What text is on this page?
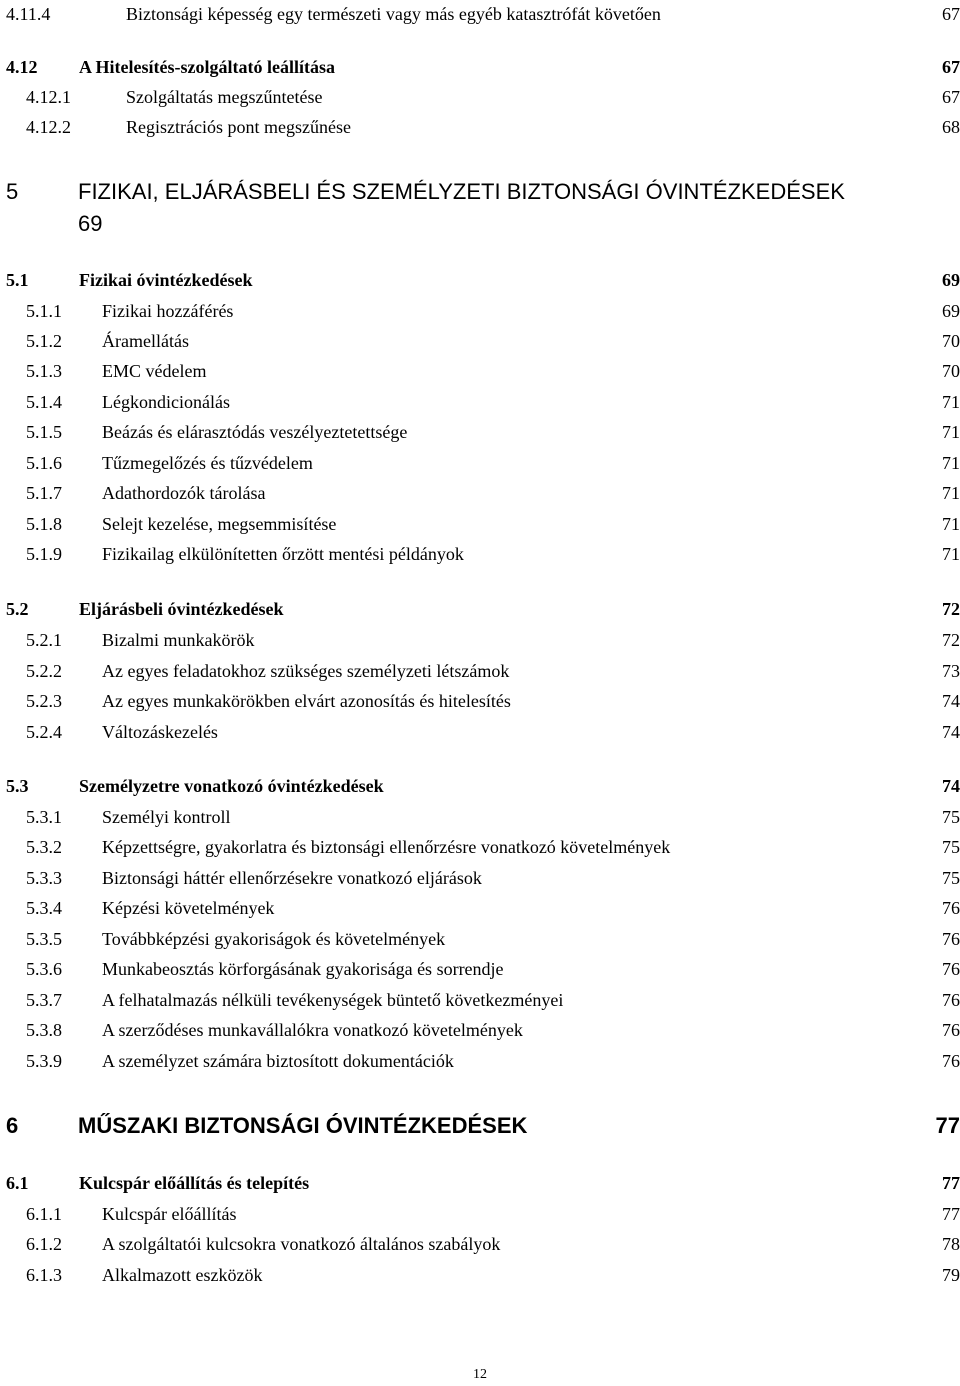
4.11.4	Biztonsági képesség egy természeti vagy más egyéb katasztrófát követően	67
4.12 A Hitelesítés-szolgáltató leállítása	67
4.12.1	Szolgáltatás megszűntetése	67
4.12.2	Regisztrációs pont megszűnése	68
5	FIZIKAI, ELJÁRÁSBELI ÉS SZEMÉLYZETI BIZTONSÁGI ÓVINTÉZKEDÉSEK
69
5.1	Fizikai óvintézkedések	69
5.1.1 Fizikai hozzáférés	69
5.1.2 Áramellátás	70
5.1.3 EMC védelem	70
5.1.4 Légkondicionálás	71
5.1.5 Beázás és elárasztódás veszélyeztetettsége	71
5.1.6 Tűzmegelőzés és tűzvédelem	71
5.1.7 Adathordozók tárolása	71
5.1.8 Selejt kezelése, megsemmisítése	71
5.1.9 Fizikailag elkülönítetten őrzött mentési példányok	71
5.2	Eljárásbeli óvintézkedések	72
5.2.1 Bizalmi munkakörök	72
5.2.2 Az egyes feladatokhoz szükséges személyzeti létszámok	73
5.2.3 Az egyes munkakörökben elvárt azonosítás és hitelesítés	74
5.2.4 Változáskezelés	74
5.3	Személyzetre vonatkozó óvintézkedések	74
5.3.1 Személyi kontroll	75
5.3.2 Képzettségre, gyakorlatra és biztonsági ellenőrzésre vonatkozó követelmények	75
5.3.3 Biztonsági háttér ellenőrzésekre vonatkozó eljárások	75
5.3.4 Képzési követelmények	76
5.3.5 Továbbképzési gyakoriságok és követelmények	76
5.3.6 Munkabeosztás körforgásának gyakorisága és sorrendje	76
5.3.7 A felhatalmazás nélküli tevékenységek büntető következményei	76
5.3.8 A szerződéses munkavállalókra vonatkozó követelmények	76
5.3.9 A személyzet számára biztosított dokumentációk	76
6	MŰSZAKI BIZTONSÁGI ÓVINTÉZKEDÉSEK	77
6.1	Kulcspár előállítás és telepítés	77
6.1.1 Kulcspár előállítás	77
6.1.2 A szolgáltatói kulcsokra vonatkozó általános szabályok	78
6.1.3 Alkalmazott eszközök	79
12
